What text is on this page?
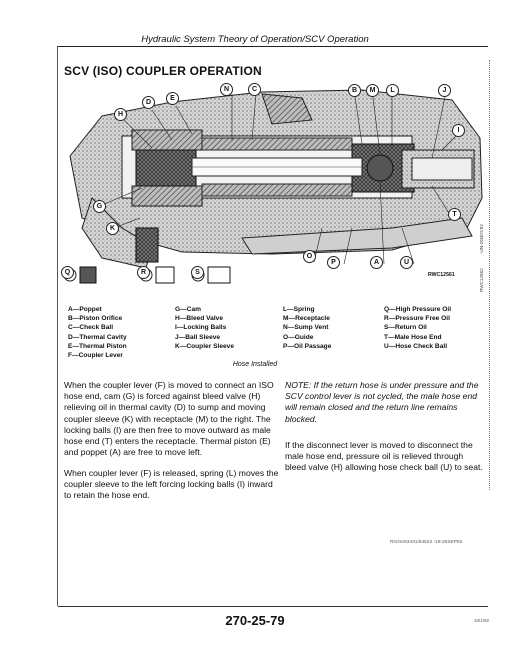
Hydraulic System Theory of Operation/SCV Operation
SCV (ISO) COUPLER OPERATION
A
B
C
D
E
G
H
I
J
K
L
M
N
O
P
Q	R	S
T
U
RWC12561
-UN-25NOV92
RWC12562
A—Poppet
B—Piston Orifice
C—Check Ball
D—Thermal Cavity
E—Thermal Piston
F—Coupler Lever
G—Cam
H—Bleed Valve
I—Locking Balls
J—Ball Sleeve
K—Coupler Sleeve
L—Spring
M—Receptacle
N—Sump Vent
O—Guide
P—Oil Passage
Q—High Pressure Oil
R—Pressure Free Oil
S—Return Oil
T—Male Hose End
U—Hose Check Ball
Hose Installed
When the coupler lever (F) is moved to connect an ISO hose end, cam (G) is forced against bleed valve (H) relieving oil in thermal cavity (D) to sump and moving coupler sleeve (K) with receptacle (M) to the right. The locking balls (I) are then free to move outward as male hose end (T) enters the receptacle. Thermal piston (E) and poppet (A) are free to move left.
When coupler lever (F) is released, spring (L) moves the coupler sleeve to the left forcing locking balls (I) inward to retain the hose end.
NOTE: If the return hose is under pressure and the SCV control lever is not cycled, the male hose end will remain closed and the return line remains blocked.
If the disconnect lever is moved to disconnect the male hose end, pressure oil is relieved through bleed valve (H) allowing hose check ball (U) to seat.
RG/mr63431/64522 -19-25SEP92
270-25-79	10/1/92
